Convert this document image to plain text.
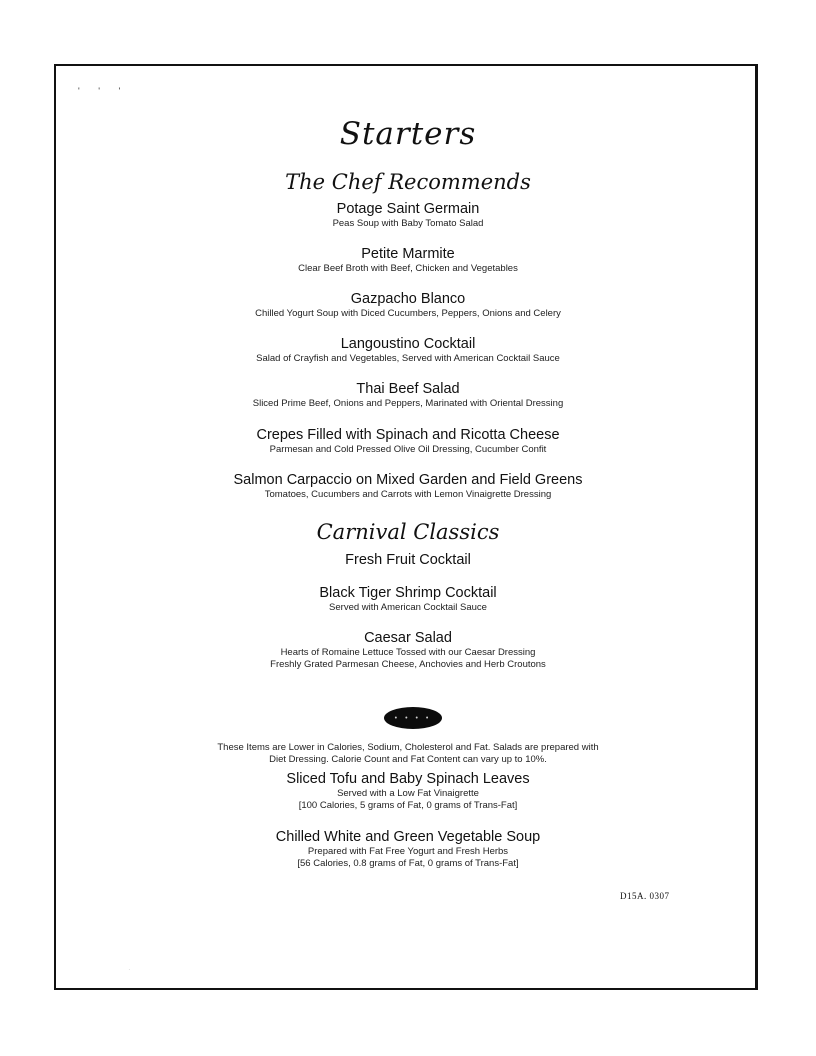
' ' '
Starters
The Chef Recommends
Potage Saint Germain
Peas Soup with Baby Tomato Salad
Petite Marmite
Clear Beef Broth with Beef, Chicken and Vegetables
Gazpacho Blanco
Chilled Yogurt Soup with Diced Cucumbers, Peppers, Onions and Celery
Langoustino Cocktail
Salad of Crayfish and Vegetables, Served with American Cocktail Sauce
Thai Beef Salad
Sliced Prime Beef, Onions and Peppers, Marinated with Oriental Dressing
Crepes Filled with Spinach and Ricotta Cheese
Parmesan and Cold Pressed Olive Oil Dressing, Cucumber Confit
Salmon Carpaccio on Mixed Garden and Field Greens
Tomatoes, Cucumbers and Carrots with Lemon Vinaigrette Dressing
Carnival Classics
Fresh Fruit Cocktail
Black Tiger Shrimp Cocktail
Served with American Cocktail Sauce
Caesar Salad
Hearts of Romaine Lettuce Tossed with our Caesar Dressing
Freshly Grated Parmesan Cheese, Anchovies and Herb Croutons
• • • •
These Items are Lower in Calories, Sodium, Cholesterol and Fat. Salads are prepared with
Diet Dressing. Calorie Count and Fat Content can vary up to 10%.
Sliced Tofu and Baby Spinach Leaves
Served with a Low Fat Vinaigrette
[100 Calories, 5 grams of Fat, 0 grams of Trans-Fat]
Chilled White and Green Vegetable Soup
Prepared with Fat Free Yogurt and Fresh Herbs
[56 Calories, 0.8 grams of Fat, 0 grams of Trans-Fat]
D15A. 0307
·
